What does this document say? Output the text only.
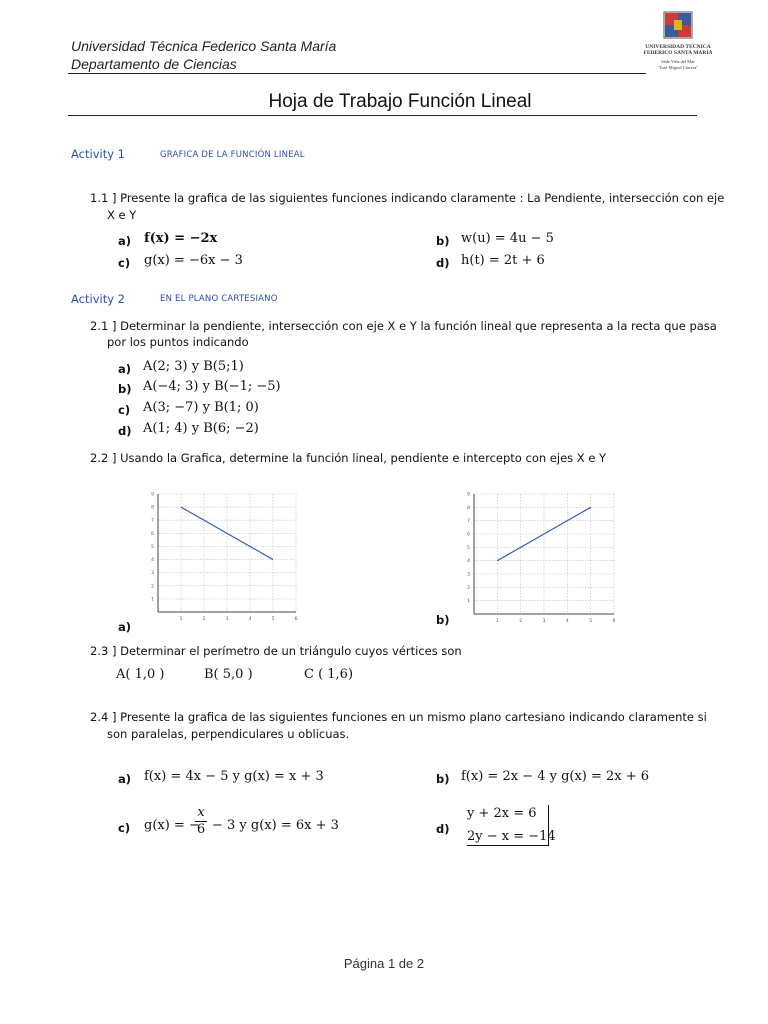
Universidad Técnica Federico Santa María
Departamento de Ciencias
UNIVERSIDAD TECNICA
FEDERICO SANTA MARIA
Sede Viña del Mar
"José Miguel Carrera"
Hoja de Trabajo Función Lineal
Activity 1	GRAFICA DE LA FUNCIÓN LINEAL
1.1 ] Presente la grafica de las siguientes funciones indicando claramente : La Pendiente, intersección con eje
X e Y
a) f(x) = −2x	b) w(u) = 4u − 5
c) g(x) = −6x − 3	d) h(t) = 2t + 6
Activity 2	EN EL PLANO CARTESIANO
2.1 ] Determinar la pendiente, intersección con eje X e Y la función lineal que representa a la recta que pasa
por los puntos indicando
a) A(2; 3) y B(5;1)
b) A(−4; 3) y B(−1; −5)
c) A(3; −7) y B(1; 0)
d) A(1; 4) y B(6; −2)
2.2 ] Usando la Grafica, determine la función lineal, pendiente e intercepto con ejes X e Y
1	2	3	4	5	6
1
2
3
4
5
6
7
8
9
a)	1	2	3	4	5	6
1
2
3
4
5
6
7
8
9
b)
2.3 ] Determinar el perímetro de un triángulo cuyos vértices son
A( 1,0 )	B( 5,0 )	C ( 1,6)
2.4 ] Presente la grafica de las siguientes funciones en un mismo plano cartesiano indicando claramente si
son paralelas, perpendiculares u oblicuas.
a) f(x) = 4x − 5 y g(x) = x + 3	b) f(x) = 2x − 4 y g(x) = 2x + 6
c) g(x) = −
x
6 − 3 y g(x) = 6x + 3	d)
y + 2x = 6
2y − x = −14
Página 1 de 2
